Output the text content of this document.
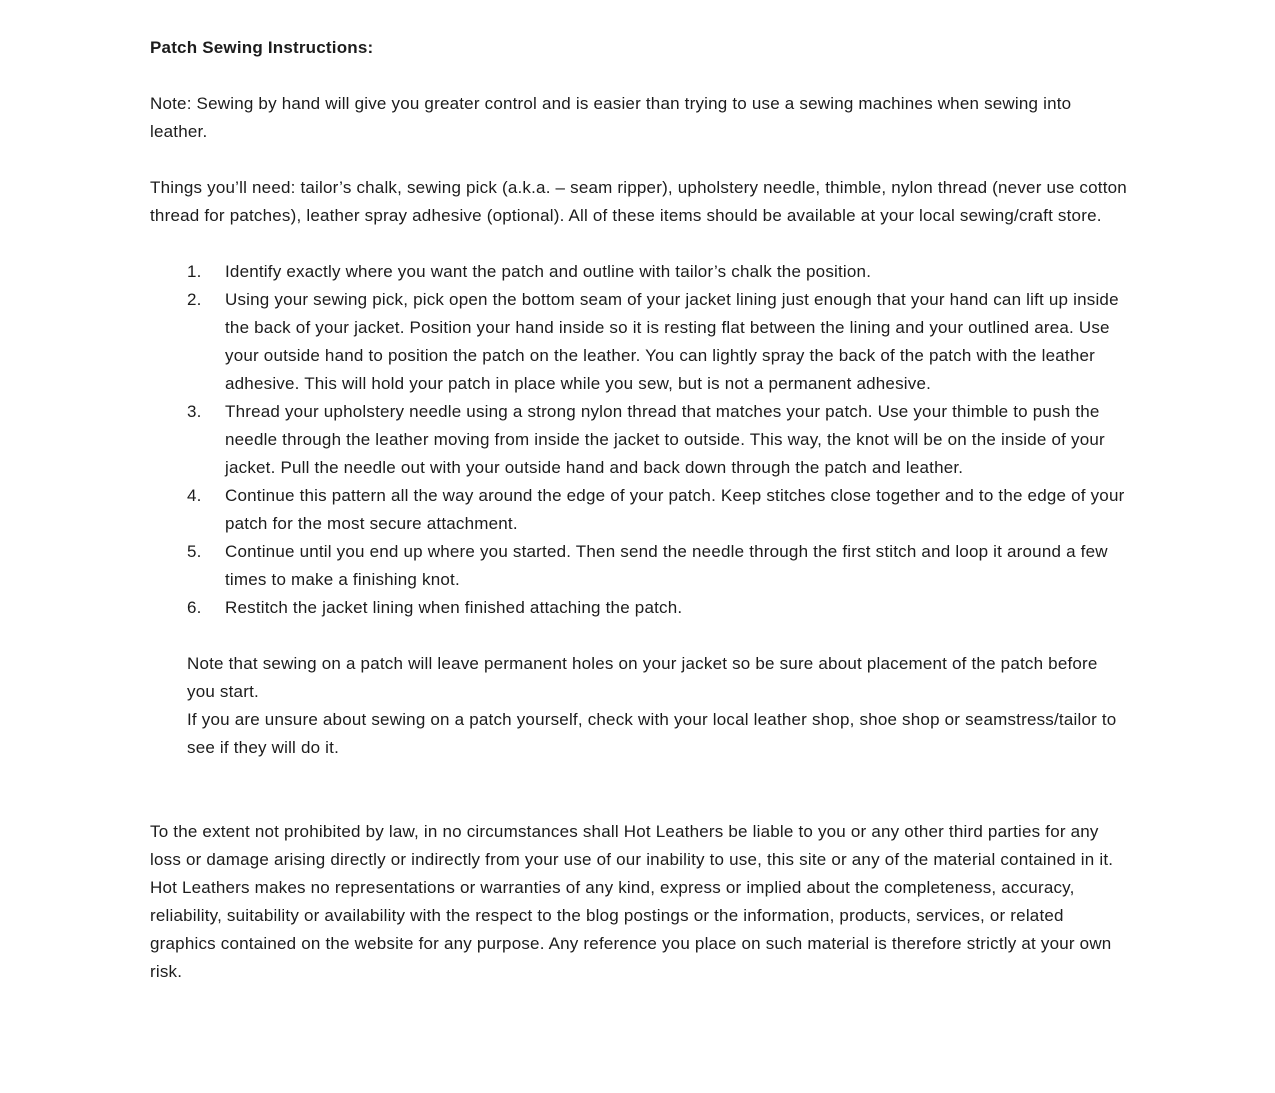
Patch Sewing Instructions:

Note: Sewing by hand will give you greater control and is easier than trying to use a sewing machines when sewing into leather.

Things you’ll need: tailor’s chalk, sewing pick (a.k.a. – seam ripper), upholstery needle, thimble, nylon thread (never use cotton thread for patches), leather spray adhesive (optional). All of these items should be available at your local sewing/craft store.

1.	Identify exactly where you want the patch and outline with tailor’s chalk the position.
2.	Using your sewing pick, pick open the bottom seam of your jacket lining just enough that your hand can lift up inside the back of your jacket. Position your hand inside so it is resting flat between the lining and your outlined area. Use your outside hand to position the patch on the leather. You can lightly spray the back of the patch with the leather adhesive. This will hold your patch in place while you sew, but is not a permanent adhesive.
3.	Thread your upholstery needle using a strong nylon thread that matches your patch. Use your thimble to push the needle through the leather moving from inside the jacket to outside. This way, the knot will be on the inside of your jacket. Pull the needle out with your outside hand and back down through the patch and leather.
4.	Continue this pattern all the way around the edge of your patch. Keep stitches close together and to the edge of your patch for the most secure attachment.
5.	Continue until you end up where you started. Then send the needle through the first stitch and loop it around a few times to make a finishing knot.
6.	Restitch the jacket lining when finished attaching the patch.

Note that sewing on a patch will leave permanent holes on your jacket so be sure about placement of the patch before you start.

If you are unsure about sewing on a patch yourself, check with your local leather shop, shoe shop or seamstress/tailor to see if they will do it.

To the extent not prohibited by law, in no circumstances shall Hot Leathers be liable to you or any other third parties for any loss or damage arising directly or indirectly from your use of our inability to use, this site or any of the material contained in it. Hot Leathers makes no representations or warranties of any kind, express or implied about the completeness, accuracy, reliability, suitability or availability with the respect to the blog postings or the information, products, services, or related graphics contained on the website for any purpose. Any reference you place on such material is therefore strictly at your own risk.
